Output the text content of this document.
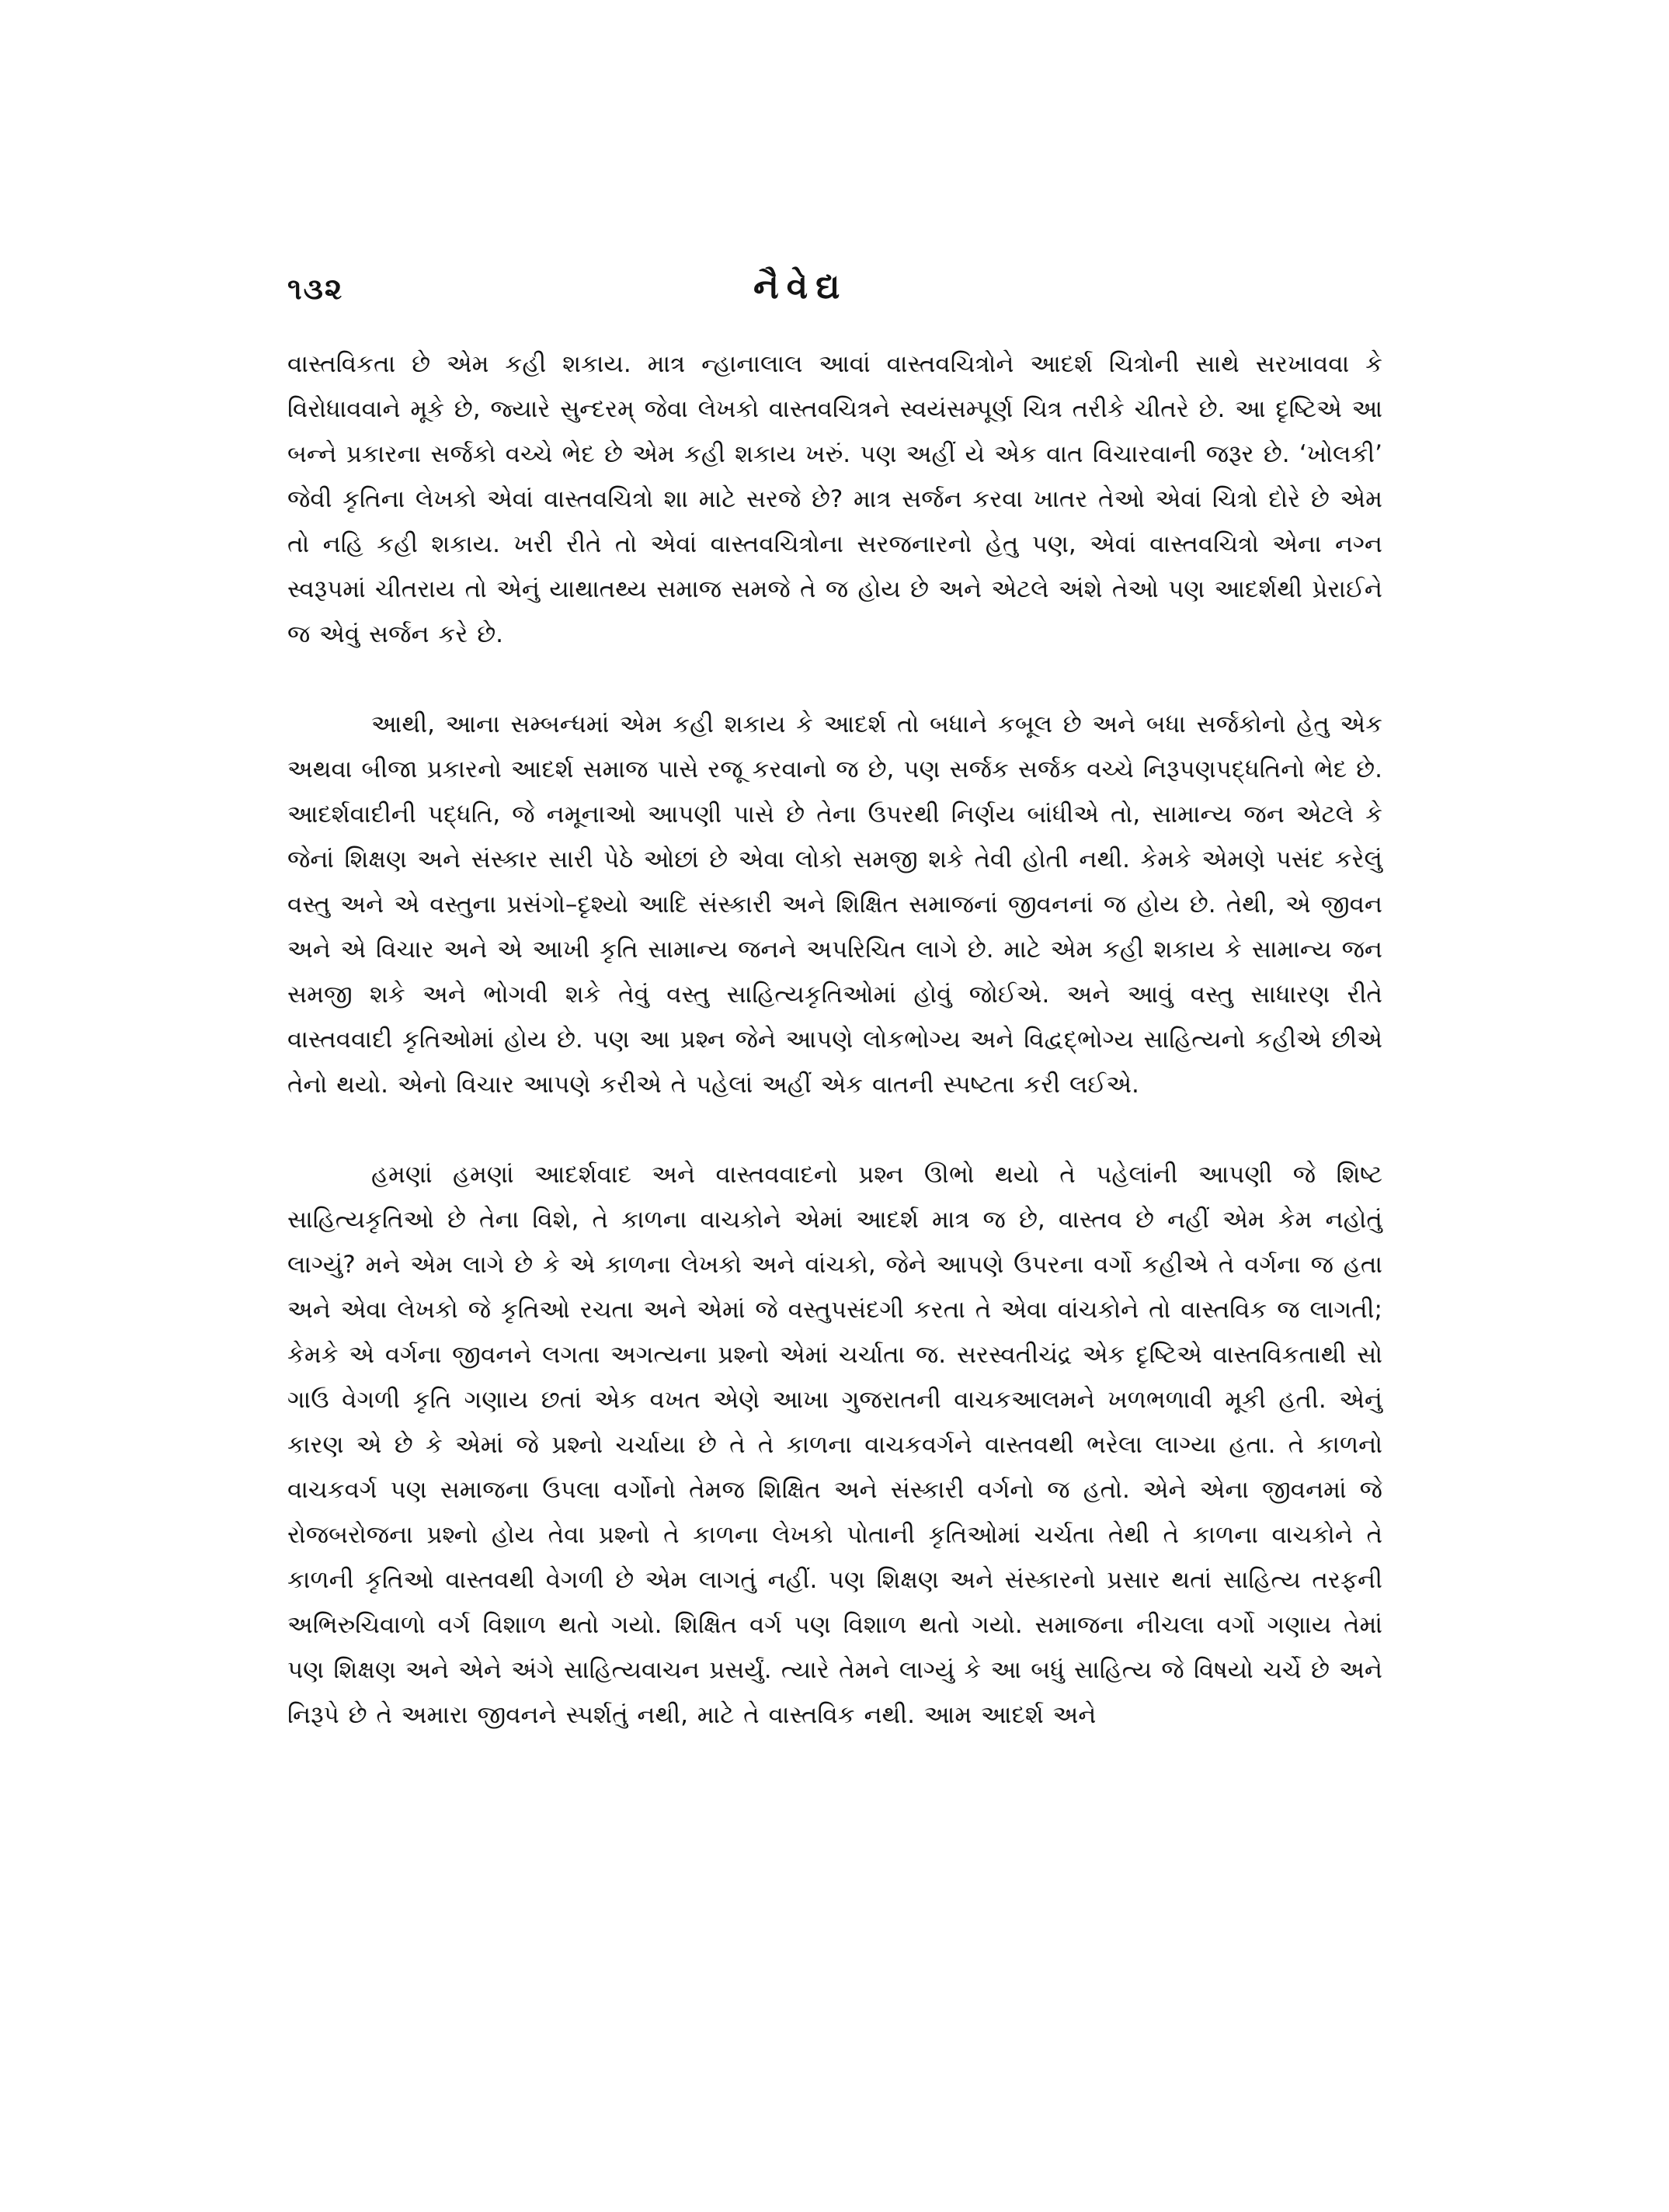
૧૩૨	નૈવેદ્ય

વાસ્તવિકતા છે એમ કહી શકાય. માત્ર ન્હાનાલાલ આવાં વાસ્તવચિત્રોને આદર્શ ચિત્રોની સાથે સરખાવવા કે વિરોધાવવાને મૂકે છે, જ્યારે સુન્દરમ્ જેવા લેખકો વાસ્તવચિત્રને સ્વયંસમ્પૂર્ણ ચિત્ર તરીકે ચીતરે છે. આ દૃષ્ટિએ આ બન્ને પ્રકારના સર્જકો વચ્ચે ભેદ છે એમ કહી શકાય ખરું. પણ અહીં યે એક વાત વિચારવાની જરૂર છે. ‘ખોલકી’ જેવી કૃતિના લેખકો એવાં વાસ્તવચિત્રો શા માટે સરજે છે? માત્ર સર્જન કરવા ખાતર તેઓ એવાં ચિત્રો દોરે છે એમ તો નહિ કહી શકાય. ખરી રીતે તો એવાં વાસ્તવચિત્રોના સરજનારનો હેતુ પણ, એવાં વાસ્તવચિત્રો એના નગ્ન સ્વરૂપમાં ચીતરાય તો એનું યાથાતથ્ય સમાજ સમજે તે જ હોય છે અને એટલે અંશે તેઓ પણ આદર્શથી પ્રેરાઈને જ એવું સર્જન કરે છે.

આથી, આના સમ્બન્ધમાં એમ કહી શકાય કે આદર્શ તો બધાને કબૂલ છે અને બધા સર્જકોનો હેતુ એક અથવા બીજા પ્રકારનો આદર્શ સમાજ પાસે રજૂ કરવાનો જ છે, પણ સર્જક સર્જક વચ્ચે નિરૂપણપદ્ધતિનો ભેદ છે. આદર્શવાદીની પદ્ધતિ, જે નમૂનાઓ આપણી પાસે છે તેના ઉપરથી નિર્ણય બાંધીએ તો, સામાન્ય જન એટલે કે જેનાં શિક્ષણ અને સંસ્કાર સારી પેઠે ઓછાં છે એવા લોકો સમજી શકે તેવી હોતી નથી. કેમકે એમણે પસંદ કરેલું વસ્તુ અને એ વસ્તુના પ્રસંગો–દૃશ્યો આદિ સંસ્કારી અને શિક્ષિત સમાજનાં જીવનનાં જ હોય છે. તેથી, એ જીવન અને એ વિચાર અને એ આખી કૃતિ સામાન્ય જનને અપરિચિત લાગે છે. માટે એમ કહી શકાય કે સામાન્ય જન સમજી શકે અને ભોગવી શકે તેવું વસ્તુ સાહિત્યકૃતિઓમાં હોવું જોઈએ. અને આવું વસ્તુ સાધારણ રીતે વાસ્તવવાદી કૃતિઓમાં હોય છે. પણ આ પ્રશ્ન જેને આપણે લોકભોગ્ય અને વિદ્વદ્ભોગ્ય સાહિત્યનો કહીએ છીએ તેનો થયો. એનો વિચાર આપણે કરીએ તે પહેલાં અહીં એક વાતની સ્પષ્ટતા કરી લઈએ.

હમણાં હમણાં આદર્શવાદ અને વાસ્તવવાદનો પ્રશ્ન ઊભો થયો તે પહેલાંની આપણી જે શિષ્ટ સાહિત્યકૃતિઓ છે તેના વિશે, તે કાળના વાચકોને એમાં આદર્શ માત્ર જ છે, વાસ્તવ છે નહીં એમ કેમ નહોતું લાગ્યું? મને એમ લાગે છે કે એ કાળના લેખકો અને વાંચકો, જેને આપણે ઉપરના વર્ગો કહીએ તે વર્ગના જ હતા અને એવા લેખકો જે કૃતિઓ રચતા અને એમાં જે વસ્તુપસંદગી કરતા તે એવા વાંચકોને તો વાસ્તવિક જ લાગતી; કેમકે એ વર્ગના જીવનને લગતા અગત્યના પ્રશ્નો એમાં ચર્ચાતા જ. સરસ્વતીચંદ્ર એક દૃષ્ટિએ વાસ્તવિકતાથી સો ગાઉ વેગળી કૃતિ ગણાય છતાં એક વખત એણે આખા ગુજરાતની વાચકઆલમને ખળભળાવી મૂકી હતી. એનું કારણ એ છે કે એમાં જે પ્રશ્નો ચર્ચાયા છે તે તે કાળના વાચકવર્ગને વાસ્તવથી ભરેલા લાગ્યા હતા. તે કાળનો વાચકવર્ગ પણ સમાજના ઉપલા વર્ગોનો તેમજ શિક્ષિત અને સંસ્કારી વર્ગનો જ હતો. એને એના જીવનમાં જે રોજબરોજના પ્રશ્નો હોય તેવા પ્રશ્નો તે કાળના લેખકો પોતાની કૃતિઓમાં ચર્ચતા તેથી તે કાળના વાચકોને તે કાળની કૃતિઓ વાસ્તવથી વેગળી છે એમ લાગતું નહીં. પણ શિક્ષણ અને સંસ્કારનો પ્રસાર થતાં સાહિત્ય તરફની અભિરુચિવાળો વર્ગ વિશાળ થતો ગયો. શિક્ષિત વર્ગ પણ વિશાળ થતો ગયો. સમાજના નીચલા વર્ગો ગણાય તેમાં પણ શિક્ષણ અને એને અંગે સાહિત્યવાચન પ્રસર્યું. ત્યારે તેમને લાગ્યું કે આ બધું સાહિત્ય જે વિષયો ચર્ચે છે અને નિરૂપે છે તે અમારા જીવનને સ્પર્શતું નથી, માટે તે વાસ્તવિક નથી. આમ આદર્શ અને
